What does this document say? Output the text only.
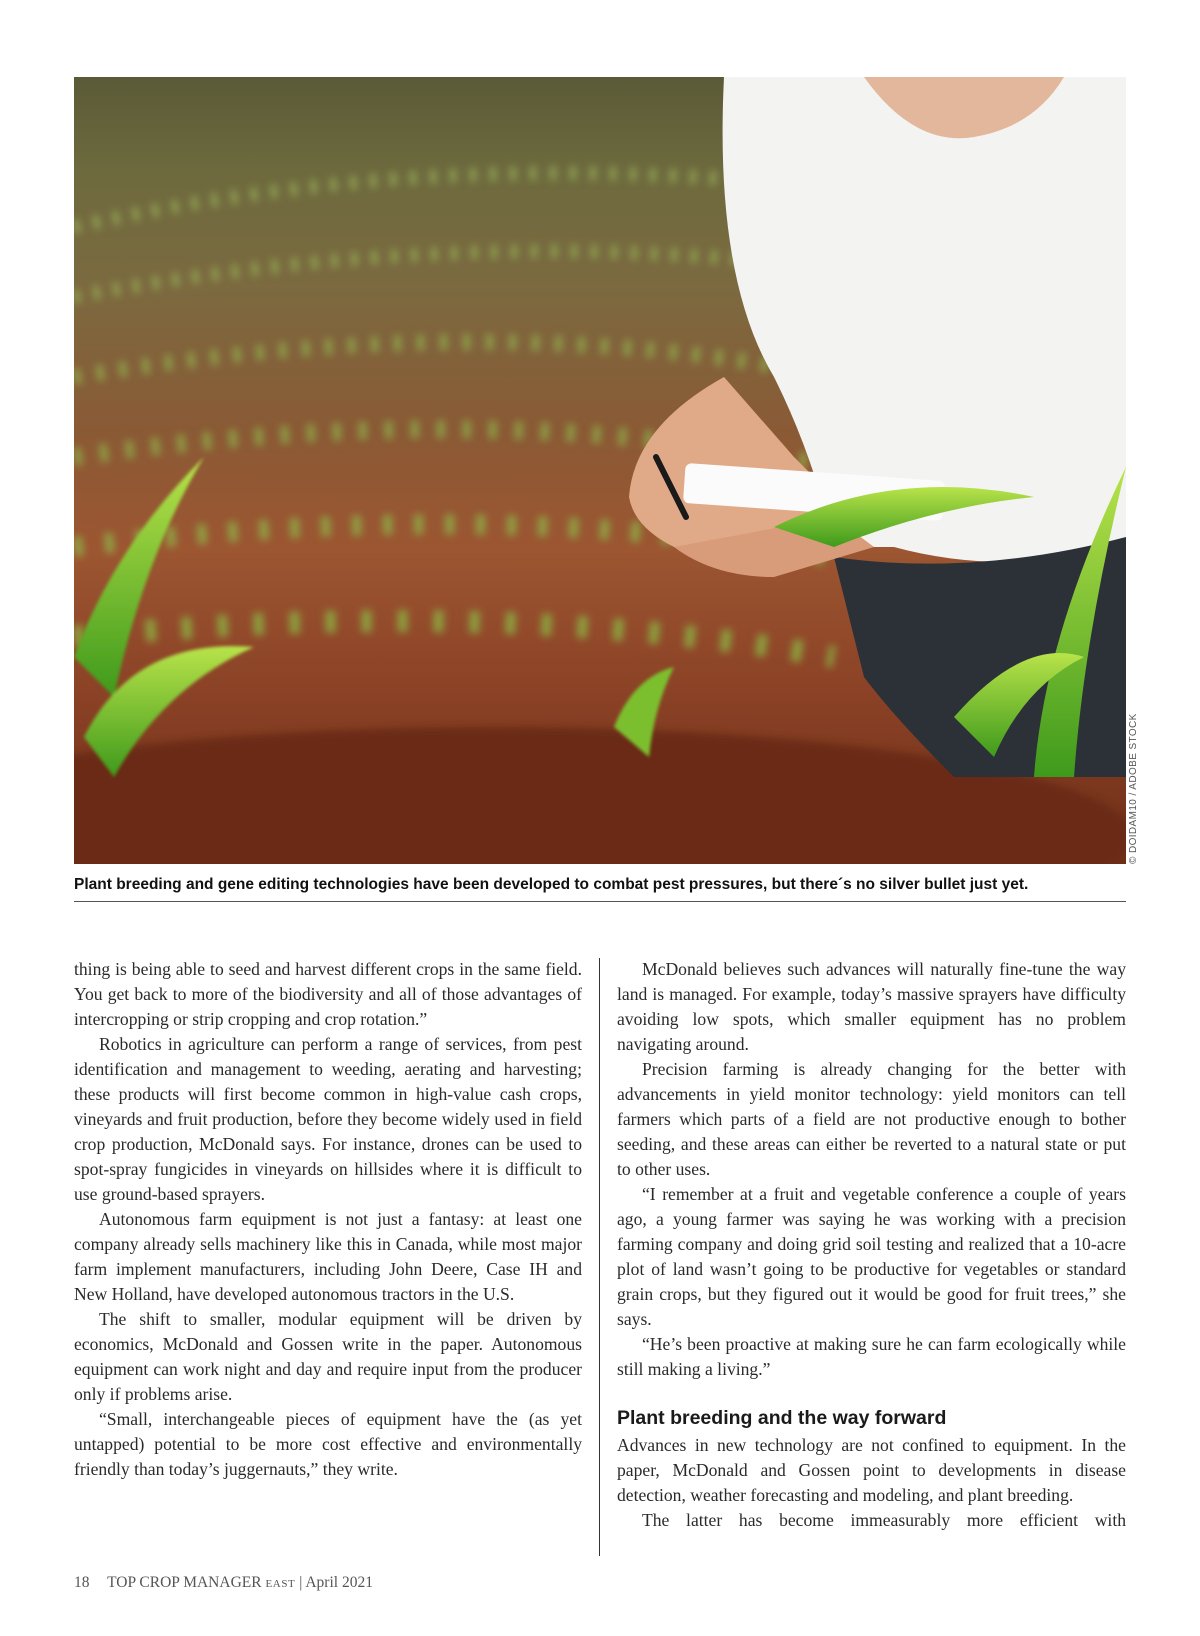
© DOIDAM10 / ADOBE STOCK
Plant breeding and gene editing technologies have been developed to combat pest pressures, but there´s no silver bullet just yet.

thing is being able to seed and harvest different crops in the same field. You get back to more of the biodiversity and all of those advantages of intercropping or strip cropping and crop rotation.”

Robotics in agriculture can perform a range of services, from pest identification and management to weeding, aerating and harvesting; these products will first become common in high-value cash crops, vineyards and fruit production, before they become widely used in field crop production, McDonald says. For instance, drones can be used to spot-spray fungicides in vineyards on hillsides where it is difficult to use ground-based sprayers.

Autonomous farm equipment is not just a fantasy: at least one company already sells machinery like this in Canada, while most major farm implement manufacturers, including John Deere, Case IH and New Holland, have developed autonomous tractors in the U.S.

The shift to smaller, modular equipment will be driven by economics, McDonald and Gossen write in the paper. Autonomous equipment can work night and day and require input from the producer only if problems arise.

“Small, interchangeable pieces of equipment have the (as yet untapped) potential to be more cost effective and environmentally friendly than today’s juggernauts,” they write.

McDonald believes such advances will naturally fine-tune the way land is managed. For example, today’s massive sprayers have difficulty avoiding low spots, which smaller equipment has no problem navigating around.

Precision farming is already changing for the better with advancements in yield monitor technology: yield monitors can tell farmers which parts of a field are not productive enough to bother seeding, and these areas can either be reverted to a natural state or put to other uses.

“I remember at a fruit and vegetable conference a couple of years ago, a young farmer was saying he was working with a precision farming company and doing grid soil testing and realized that a 10-acre plot of land wasn’t going to be productive for vegetables or standard grain crops, but they figured out it would be good for fruit trees,” she says.

“He’s been proactive at making sure he can farm ecologically while still making a living.”

Plant breeding and the way forward

Advances in new technology are not confined to equipment. In the paper, McDonald and Gossen point to developments in disease detection, weather forecasting and modeling, and plant breeding.

The latter has become immeasurably more efficient with

18 TOP CROP MANAGER EAST | April 2021
